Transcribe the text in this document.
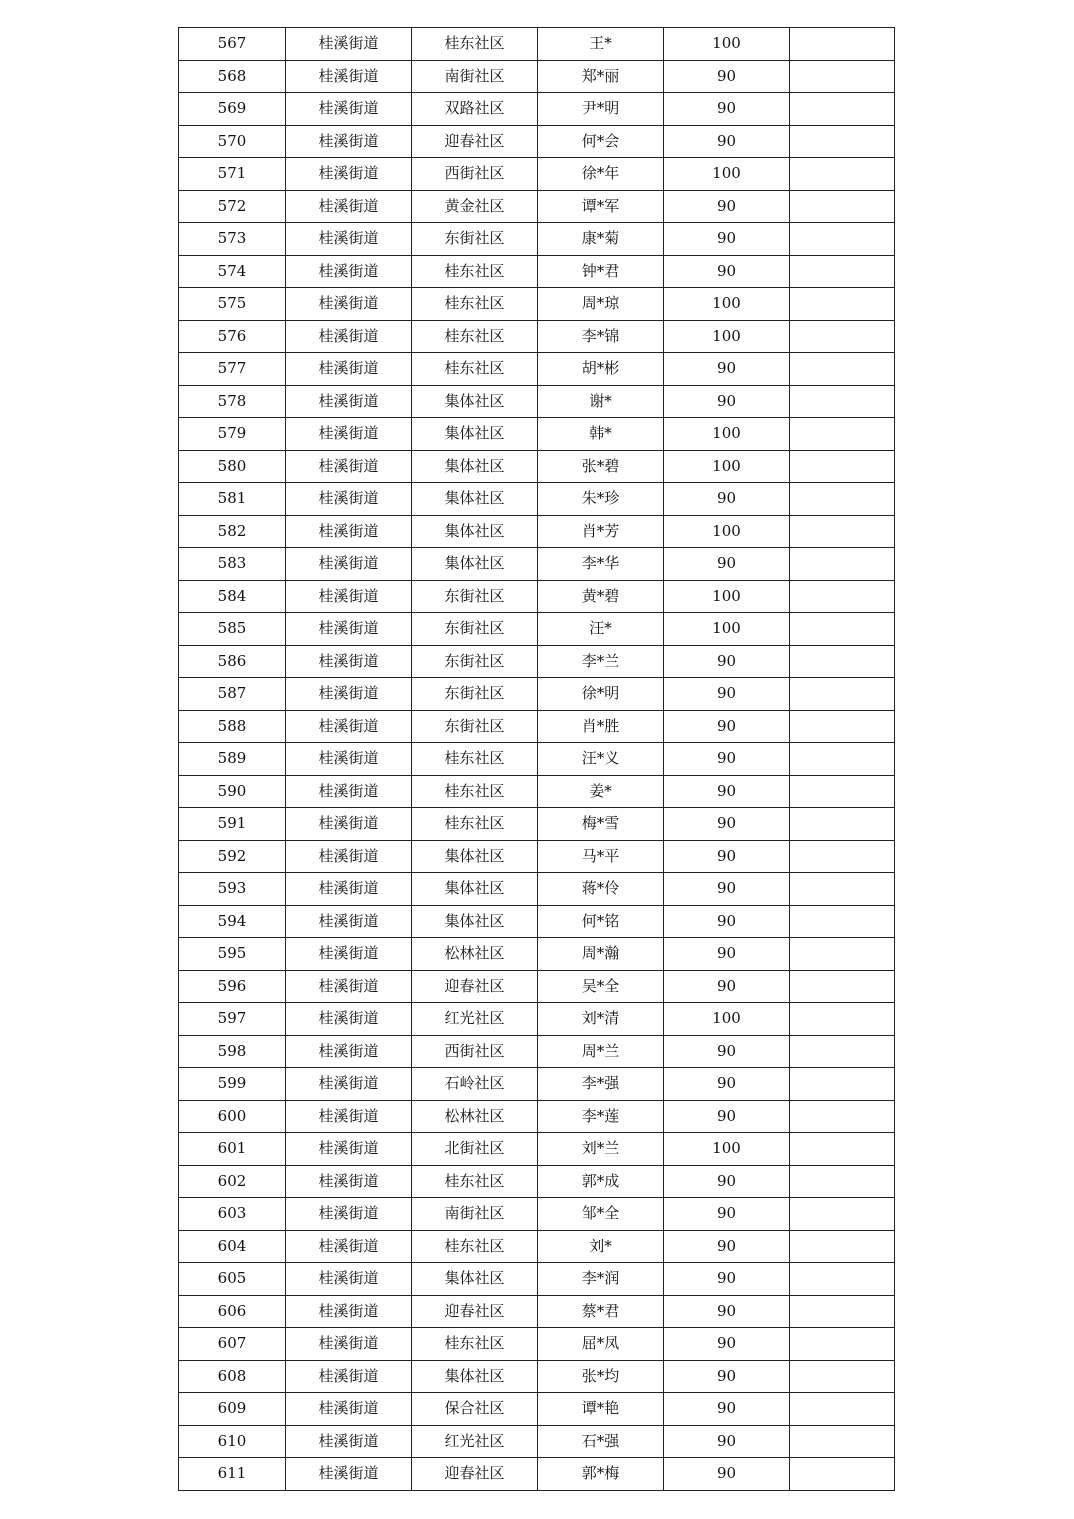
567	桂溪街道	桂东社区	王*	100	
568	桂溪街道	南街社区	郑*丽	90	
569	桂溪街道	双路社区	尹*明	90	
570	桂溪街道	迎春社区	何*会	90	
571	桂溪街道	西街社区	徐*年	100	
572	桂溪街道	黄金社区	谭*军	90	
573	桂溪街道	东街社区	康*菊	90	
574	桂溪街道	桂东社区	钟*君	90	
575	桂溪街道	桂东社区	周*琼	100	
576	桂溪街道	桂东社区	李*锦	100	
577	桂溪街道	桂东社区	胡*彬	90	
578	桂溪街道	集体社区	谢*	90	
579	桂溪街道	集体社区	韩*	100	
580	桂溪街道	集体社区	张*碧	100	
581	桂溪街道	集体社区	朱*珍	90	
582	桂溪街道	集体社区	肖*芳	100	
583	桂溪街道	集体社区	李*华	90	
584	桂溪街道	东街社区	黄*碧	100	
585	桂溪街道	东街社区	汪*	100	
586	桂溪街道	东街社区	李*兰	90	
587	桂溪街道	东街社区	徐*明	90	
588	桂溪街道	东街社区	肖*胜	90	
589	桂溪街道	桂东社区	汪*义	90	
590	桂溪街道	桂东社区	姜*	90	
591	桂溪街道	桂东社区	梅*雪	90	
592	桂溪街道	集体社区	马*平	90	
593	桂溪街道	集体社区	蒋*伶	90	
594	桂溪街道	集体社区	何*铭	90	
595	桂溪街道	松林社区	周*瀚	90	
596	桂溪街道	迎春社区	吴*全	90	
597	桂溪街道	红光社区	刘*清	100	
598	桂溪街道	西街社区	周*兰	90	
599	桂溪街道	石岭社区	李*强	90	
600	桂溪街道	松林社区	李*莲	90	
601	桂溪街道	北街社区	刘*兰	100	
602	桂溪街道	桂东社区	郭*成	90	
603	桂溪街道	南街社区	邹*全	90	
604	桂溪街道	桂东社区	刘*	90	
605	桂溪街道	集体社区	李*润	90	
606	桂溪街道	迎春社区	蔡*君	90	
607	桂溪街道	桂东社区	屈*凤	90	
608	桂溪街道	集体社区	张*均	90	
609	桂溪街道	保合社区	谭*艳	90	
610	桂溪街道	红光社区	石*强	90	
611	桂溪街道	迎春社区	郭*梅	90	
